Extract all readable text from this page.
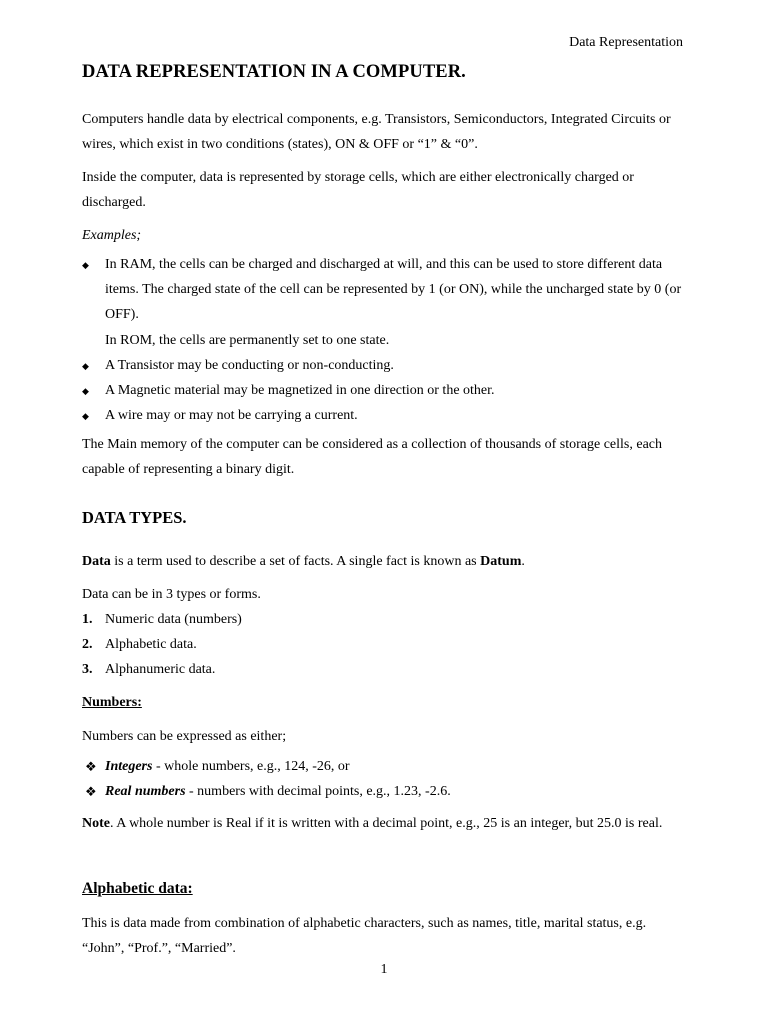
Data Representation
DATA REPRESENTATION IN A COMPUTER.
Computers handle data by electrical components, e.g. Transistors, Semiconductors, Integrated Circuits or wires, which exist in two conditions (states), ON & OFF or “1” & “0”.
Inside the computer, data is represented by storage cells, which are either electronically charged or discharged.
Examples;
◆ In RAM, the cells can be charged and discharged at will, and this can be used to store different data items. The charged state of the cell can be represented by 1 (or ON), while the uncharged state by 0 (or OFF).
In ROM, the cells are permanently set to one state.
◆ A Transistor may be conducting or non-conducting.
◆ A Magnetic material may be magnetized in one direction or the other.
◆ A wire may or may not be carrying a current.
The Main memory of the computer can be considered as a collection of thousands of storage cells, each capable of representing a binary digit.
DATA TYPES.
Data is a term used to describe a set of facts. A single fact is known as Datum.
Data can be in 3 types or forms.
1. Numeric data (numbers)
2. Alphabetic data.
3. Alphanumeric data.
Numbers:
Numbers can be expressed as either;
❖ Integers - whole numbers, e.g., 124, -26, or
❖ Real numbers - numbers with decimal points, e.g., 1.23, -2.6.
Note. A whole number is Real if it is written with a decimal point, e.g., 25 is an integer, but 25.0 is real.
Alphabetic data:
This is data made from combination of alphabetic characters, such as names, title, marital status, e.g. “John”, “Prof.”, “Married”.
1
